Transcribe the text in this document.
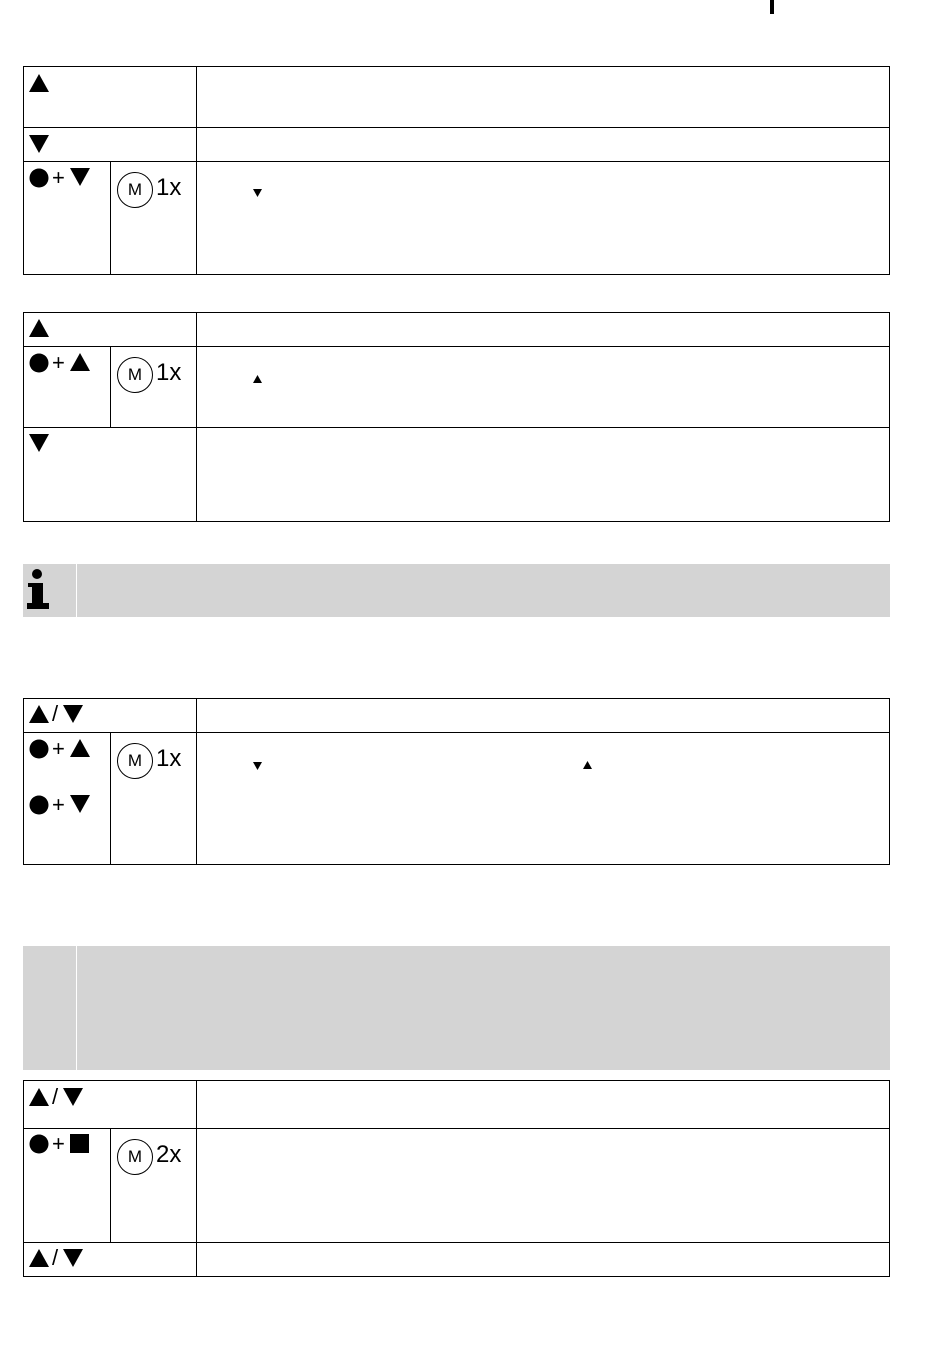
+	M 1x
+	M 1x
/
+
+
M 1x
/
+
M 2x
/
